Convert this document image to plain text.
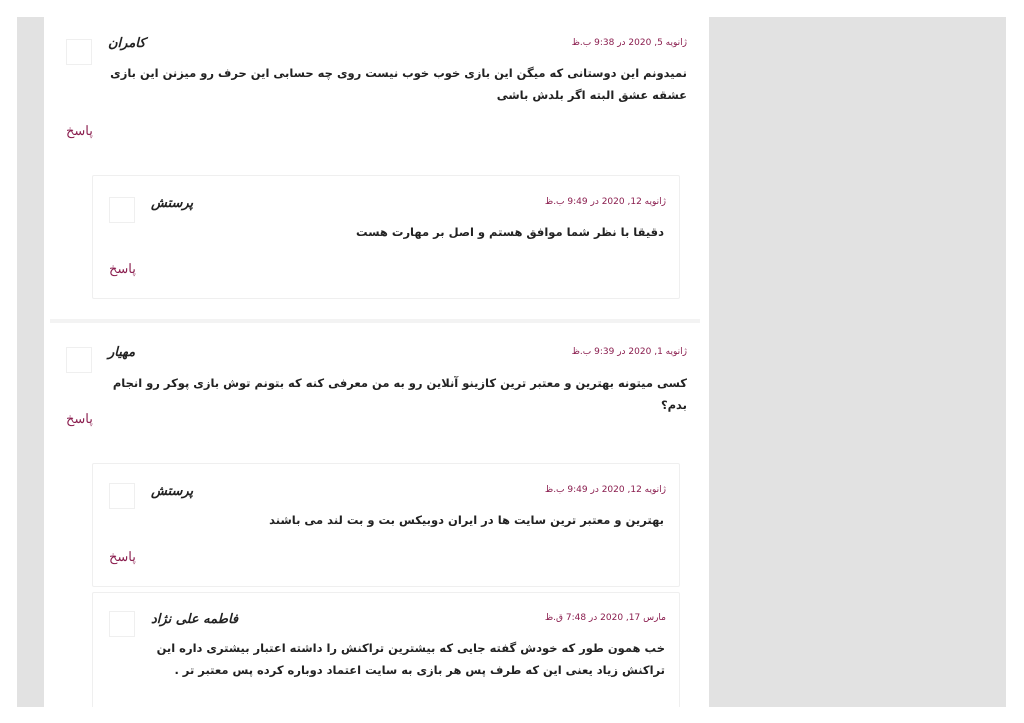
کامران	ژانویه 5, 2020 در 9:38 ب.ظ
نمیدونم این دوستانی که میگن این بازی خوب خوب نیست روی چه حسابی این حرف رو میزنن این بازی عشقه عشق البته اگر بلدش باشی
پاسخ
پرستش	ژانویه 12, 2020 در 9:49 ب.ظ
دقیقا با نظر شما موافق هستم و اصل بر مهارت هست
پاسخ
مهیار	ژانویه 1, 2020 در 9:39 ب.ظ
کسی میتونه بهترین و معتبر ترین کازینو آنلاین رو به من معرفی کنه که بتونم توش بازی پوکر رو انجام بدم؟
پاسخ
پرستش	ژانویه 12, 2020 در 9:49 ب.ظ
بهترین و معتبر ترین سایت ها در ایران دوبیکس بت و بت لند می باشند
پاسخ
فاطمه علی نژاد	مارس 17, 2020 در 7:48 ق.ظ
خب همون طور که خودش گفته جایی که بیشترین تراکنش را داشته اعتبار بیشتری داره این تراکنش زیاد یعنی این که طرف پس هر بازی به سایت اعتماد دوباره کرده پس معتبر تر .
